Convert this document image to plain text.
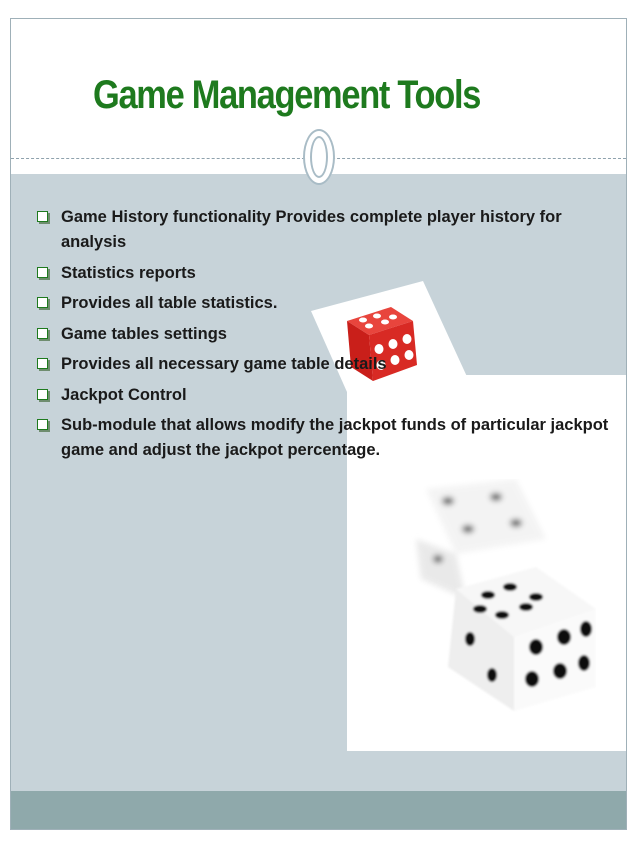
Game Management Tools
Game History functionality Provides complete player history for analysis
Statistics reports
Provides all table statistics.
Game tables settings
Provides all necessary game table details
Jackpot Control
Sub-module that allows modify the jackpot funds of particular jackpot game and adjust the jackpot percentage.
